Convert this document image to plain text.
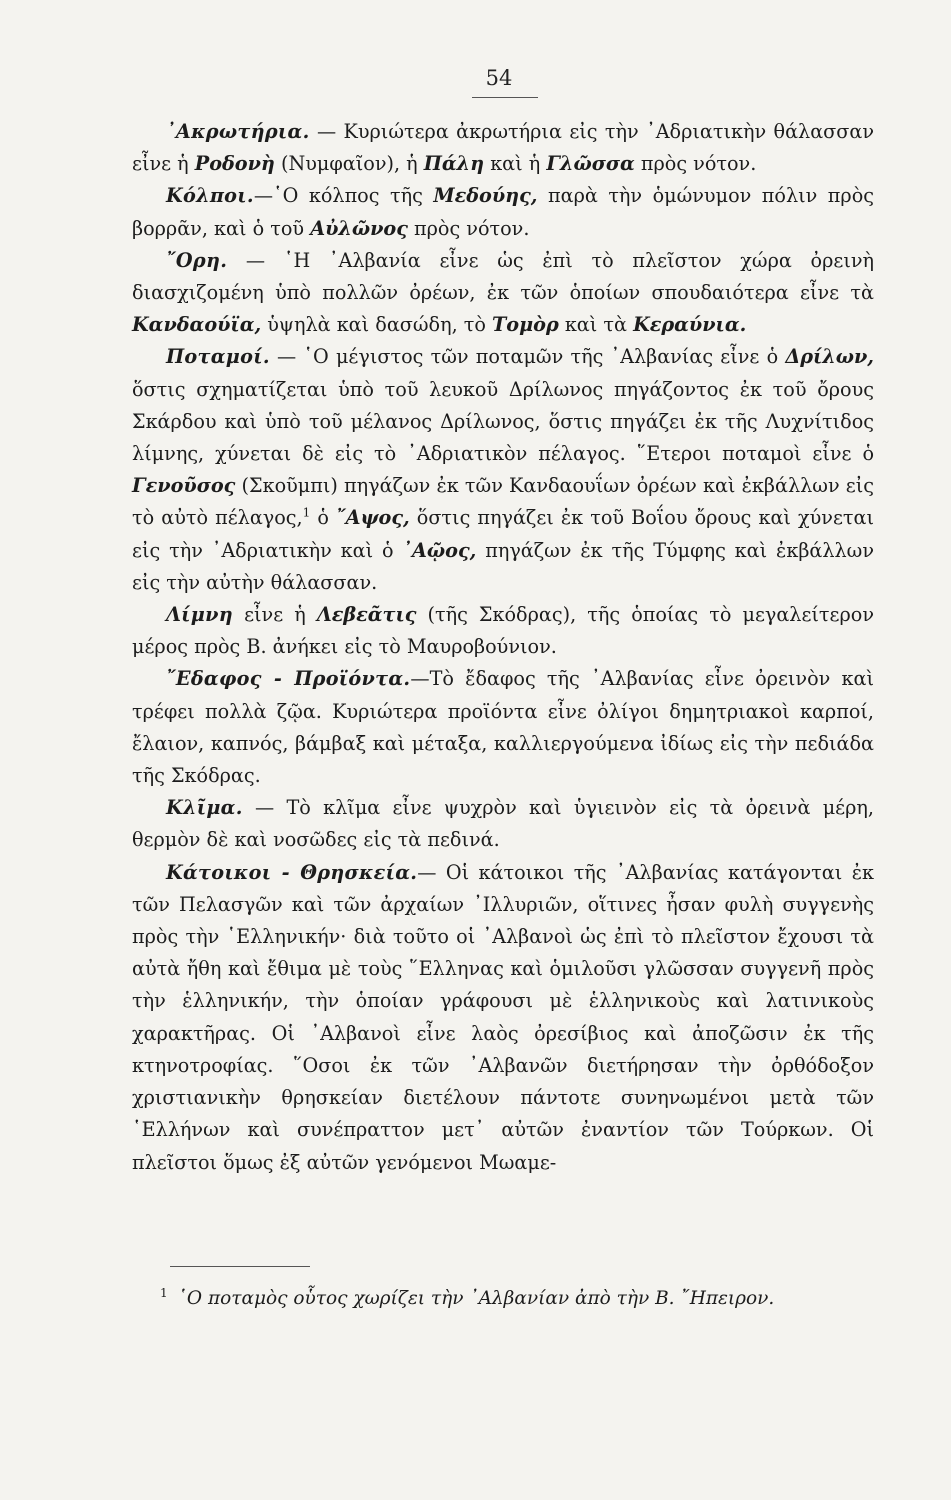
54

᾿Ακρωτήρια. — Κυριώτερα ἀκρωτήρια εἰς τὴν ᾿Αδριατικὴν θάλασσαν εἶνε ἡ Ροδονὴ (Νυμφαῖον), ἡ Πάλη καὶ ἡ Γλῶσσα πρὸς νότον.

Κόλποι.—῾Ο κόλπος τῆς Μεδούης, παρὰ τὴν ὁμώνυμον πόλιν πρὸς βορρᾶν, καὶ ὁ τοῦ Αὐλῶνος πρὸς νότον.

῎Ορη. — ῾Η ᾿Αλβανία εἶνε ὡς ἐπὶ τὸ πλεῖστον χώρα ὀρεινὴ διασχιζομένη ὑπὸ πολλῶν ὀρέων, ἐκ τῶν ὁποίων σπουδαιότερα εἶνε τὰ Κανδαούϊα, ὑψηλὰ καὶ δασώδη, τὸ Τομὸρ καὶ τὰ Κεραύνια.

Ποταμοί. — ῾Ο μέγιστος τῶν ποταμῶν τῆς ᾿Αλβανίας εἶνε ὁ Δρίλων, ὅστις σχηματίζεται ὑπὸ τοῦ λευκοῦ Δρίλωνος πηγάζοντος ἐκ τοῦ ὄρους Σκάρδου καὶ ὑπὸ τοῦ μέλανος Δρίλωνος, ὅστις πηγάζει ἐκ τῆς Λυχνίτιδος λίμνης, χύνεται δὲ εἰς τὸ ᾿Αδριατικὸν πέλαγος. ῞Ετεροι ποταμοὶ εἶνε ὁ Γενοῦσος (Σκοῦμπι) πηγάζων ἐκ τῶν Κανδαουΐων ὀρέων καὶ ἐκβάλλων εἰς τὸ αὐτὸ πέλαγος,$^1$ ὁ ῎Αψος, ὅστις πηγάζει ἐκ τοῦ Βοΐου ὄρους καὶ χύνεται εἰς τὴν ᾿Αδριατικὴν καὶ ὁ ᾿Αῷος, πηγάζων ἐκ τῆς Τύμφης καὶ ἐκβάλλων εἰς τὴν αὐτὴν θάλασσαν.

Λίμνη εἶνε ἡ Λεβεᾶτις (τῆς Σκόδρας), τῆς ὁποίας τὸ μεγαλείτερον μέρος πρὸς Β. ἀνήκει εἰς τὸ Μαυροβούνιον.

῎Εδαφος - Προϊόντα.—Τὸ ἔδαφος τῆς ᾿Αλβανίας εἶνε ὀρεινὸν καὶ τρέφει πολλὰ ζῷα. Κυριώτερα προϊόντα εἶνε ὀλίγοι δημητριακοὶ καρποί, ἔλαιον, καπνός, βάμβαξ καὶ μέταξα, καλλιεργούμενα ἰδίως εἰς τὴν πεδιάδα τῆς Σκόδρας.

Κλῖμα. — Τὸ κλῖμα εἶνε ψυχρὸν καὶ ὑγιεινὸν εἰς τὰ ὀρεινὰ μέρη, θερμὸν δὲ καὶ νοσῶδες εἰς τὰ πεδινά.

Κάτοικοι - Θρησκεία.— Οἱ κάτοικοι τῆς ᾿Αλβανίας κατάγονται ἐκ τῶν Πελασγῶν καὶ τῶν ἀρχαίων ᾿Ιλλυριῶν, οἵτινες ἦσαν φυλὴ συγγενὴς πρὸς τὴν ῾Ελληνικήν· διὰ τοῦτο οἱ ᾿Αλβανοὶ ὡς ἐπὶ τὸ πλεῖστον ἔχουσι τὰ αὐτὰ ἤθη καὶ ἔθιμα μὲ τοὺς ῞Ελληνας καὶ ὁμιλοῦσι γλῶσσαν συγγενῆ πρὸς τὴν ἑλληνικήν, τὴν ὁποίαν γράφουσι μὲ ἑλληνικοὺς καὶ λατινικοὺς χαρακτῆρας. Οἱ ᾿Αλβανοὶ εἶνε λαὸς ὀρεσίβιος καὶ ἀποζῶσιν ἐκ τῆς κτηνοτροφίας. ῞Οσοι ἐκ τῶν ᾿Αλβανῶν διετήρησαν τὴν ὀρθόδοξον χριστιανικὴν θρησκείαν διετέλουν πάντοτε συνηνωμένοι μετὰ τῶν ῾Ελλήνων καὶ συνέπραττον μετ᾿ αὐτῶν ἐναντίον τῶν Τούρκων. Οἱ πλεῖστοι ὅμως ἐξ αὐτῶν γενόμενοι Μωαμε-

$^1$ ῾Ο ποταμὸς οὗτος χωρίζει τὴν ᾿Αλβανίαν ἀπὸ τὴν Β. ῎Ηπειρον.
